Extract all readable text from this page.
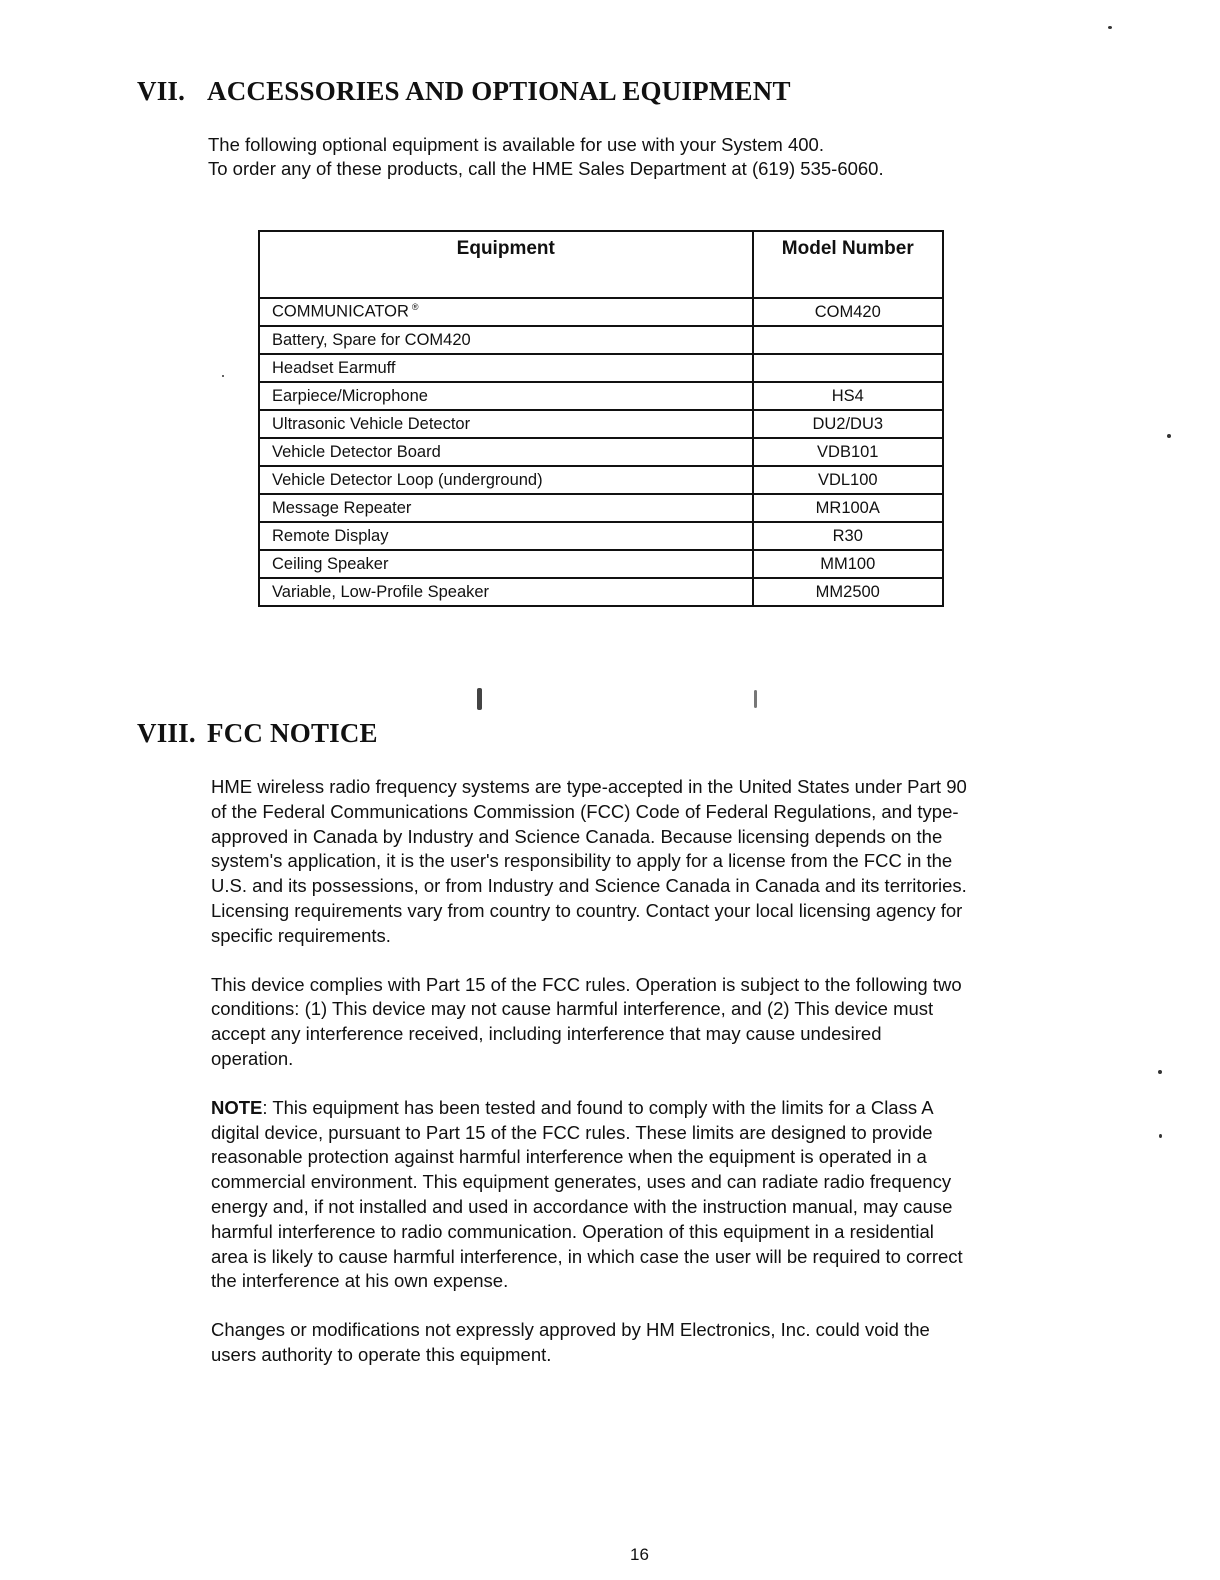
VII. ACCESSORIES AND OPTIONAL EQUIPMENT
The following optional equipment is available for use with your System 400.
To order any of these products, call the HME Sales Department at (619) 535-6060.
Equipment	Model Number
COMMUNICATOR ®	COM420
Battery, Spare for COM420	
Headset Earmuff	
Earpiece/Microphone	HS4
Ultrasonic Vehicle Detector	DU2/DU3
Vehicle Detector Board	VDB101
Vehicle Detector Loop (underground)	VDL100
Message Repeater	MR100A
Remote Display	R30
Ceiling Speaker	MM100
Variable, Low-Profile Speaker	MM2500
VIII. FCC NOTICE

HME wireless radio frequency systems are type-accepted in the United States under Part 90
of the Federal Communications Commission (FCC) Code of Federal Regulations, and type-
approved in Canada by Industry and Science Canada. Because licensing depends on the
system's application, it is the user's responsibility to apply for a license from the FCC in the
U.S. and its possessions, or from Industry and Science Canada in Canada and its territories.
Licensing requirements vary from country to country. Contact your local licensing agency for
specific requirements.

This device complies with Part 15 of the FCC rules. Operation is subject to the following two
conditions: (1) This device may not cause harmful interference, and (2) This device must
accept any interference received, including interference that may cause undesired
operation.

NOTE: This equipment has been tested and found to comply with the limits for a Class A
digital device, pursuant to Part 15 of the FCC rules. These limits are designed to provide
reasonable protection against harmful interference when the equipment is operated in a
commercial environment. This equipment generates, uses and can radiate radio frequency
energy and, if not installed and used in accordance with the instruction manual, may cause
harmful interference to radio communication. Operation of this equipment in a residential
area is likely to cause harmful interference, in which case the user will be required to correct
the interference at his own expense.

Changes or modifications not expressly approved by HM Electronics, Inc. could void the
users authority to operate this equipment.

16
